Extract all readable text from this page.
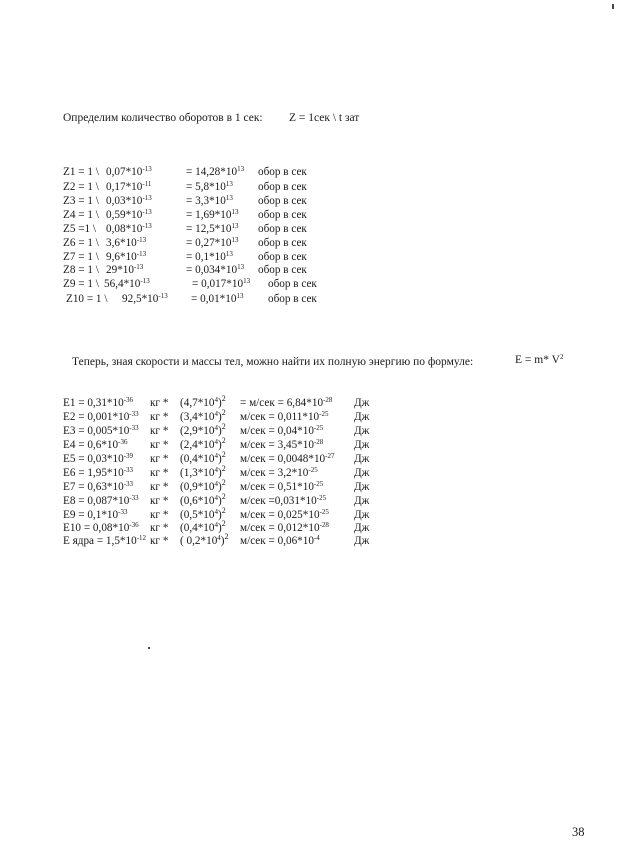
Определим количество оборотов в 1 сек: Z = 1сек \ t зат
Z1 = 1 \ $0,07*10^{-13}$	= $14,28*10^{13}$ обор в сек
Z2 = 1 \ $0,17*10^{-11}$	= $5,8*10^{13}$ обор в сек
Z3 = 1 \ $0,03*10^{-13}$	= $3,3*10^{13}$ обор в сек
Z4 = 1 \ $0,59*10^{-13}$	= $1,69*10^{13}$ обор в сек
Z5 =1 \ $0,08*10^{-13}$	= $12,5*10^{13}$ обор в сек
Z6 = 1 \ $3,6*10^{-13}$	= $0,27*10^{13}$ обор в сек
Z7 = 1 \ $9,6*10^{-13}$	= $0,1*10^{13}$ обор в сек
Z8 = 1 \ $29*10^{-13}$	= $0,034*10^{13}$ обор в сек
Z9 = 1 \ $56,4*10^{-13}$	= $0,017*10^{13}$ обор в сек
Z10 = 1 \ $92,5*10^{-13} = 0,01*10^{13}$ обор в сек
Теперь, зная скорости и массы тел, можно найти их полную энергию по формуле:	E = m* $V^2$
$E1 = 0,31*10^{-36}$ кг * $(4,7*10^4)^2 = м/сек = 6,84*10^{-28}$ Дж
$E2 = 0,001*10^{-33}$ кг * $(3,4*10^4)^2$ $м/сек = 0,011*10^{-25}$ Дж
$E3 = 0,005*10^{-33}$ кг * $(2,9*10^4)^2$ $м/сек = 0,04*10^{-25}$	Дж
$E4 = 0,6*10^{-36}$ кг * $(2,4*10^4)^2$ $м/сек = 3,45*10^{-28}$	Дж
$E5 = 0,03*10^{-39}$ кг * $(0,4*10^4)^2$ $м/сек = 0,0048*10^{-27}$ Дж
$E6 = 1,95*10^{-33}$ кг * $(1,3*10^4)^2$ $м/сек = 3,2*10^{-25}$	Дж
$E7 = 0,63*10^{-33}$ кг * $(0,9*10^4)^2$ $м/сек = 0,51*10^{-25}$	Дж
$E8 = 0,087*10^{-33}$ кг * $(0,6*10^4)^2$ $м/сек =0,031*10^{-25}$ Дж
$E9 = 0,1*10^{-33}$ кг * $(0,5*10^4)^2$ $м/сек = 0,025*10^{-25}$ Дж
$E10 = 0,08*10^{-36}$ кг * $(0,4*10^4)^2$ $м/сек = 0,012*10^{-28}$ Дж
E ядра = $1,5*10^{-12}$ кг * ( $0,2*10^4)^2$ $м/сек = 0,06*10^{-4}$	Дж
38
